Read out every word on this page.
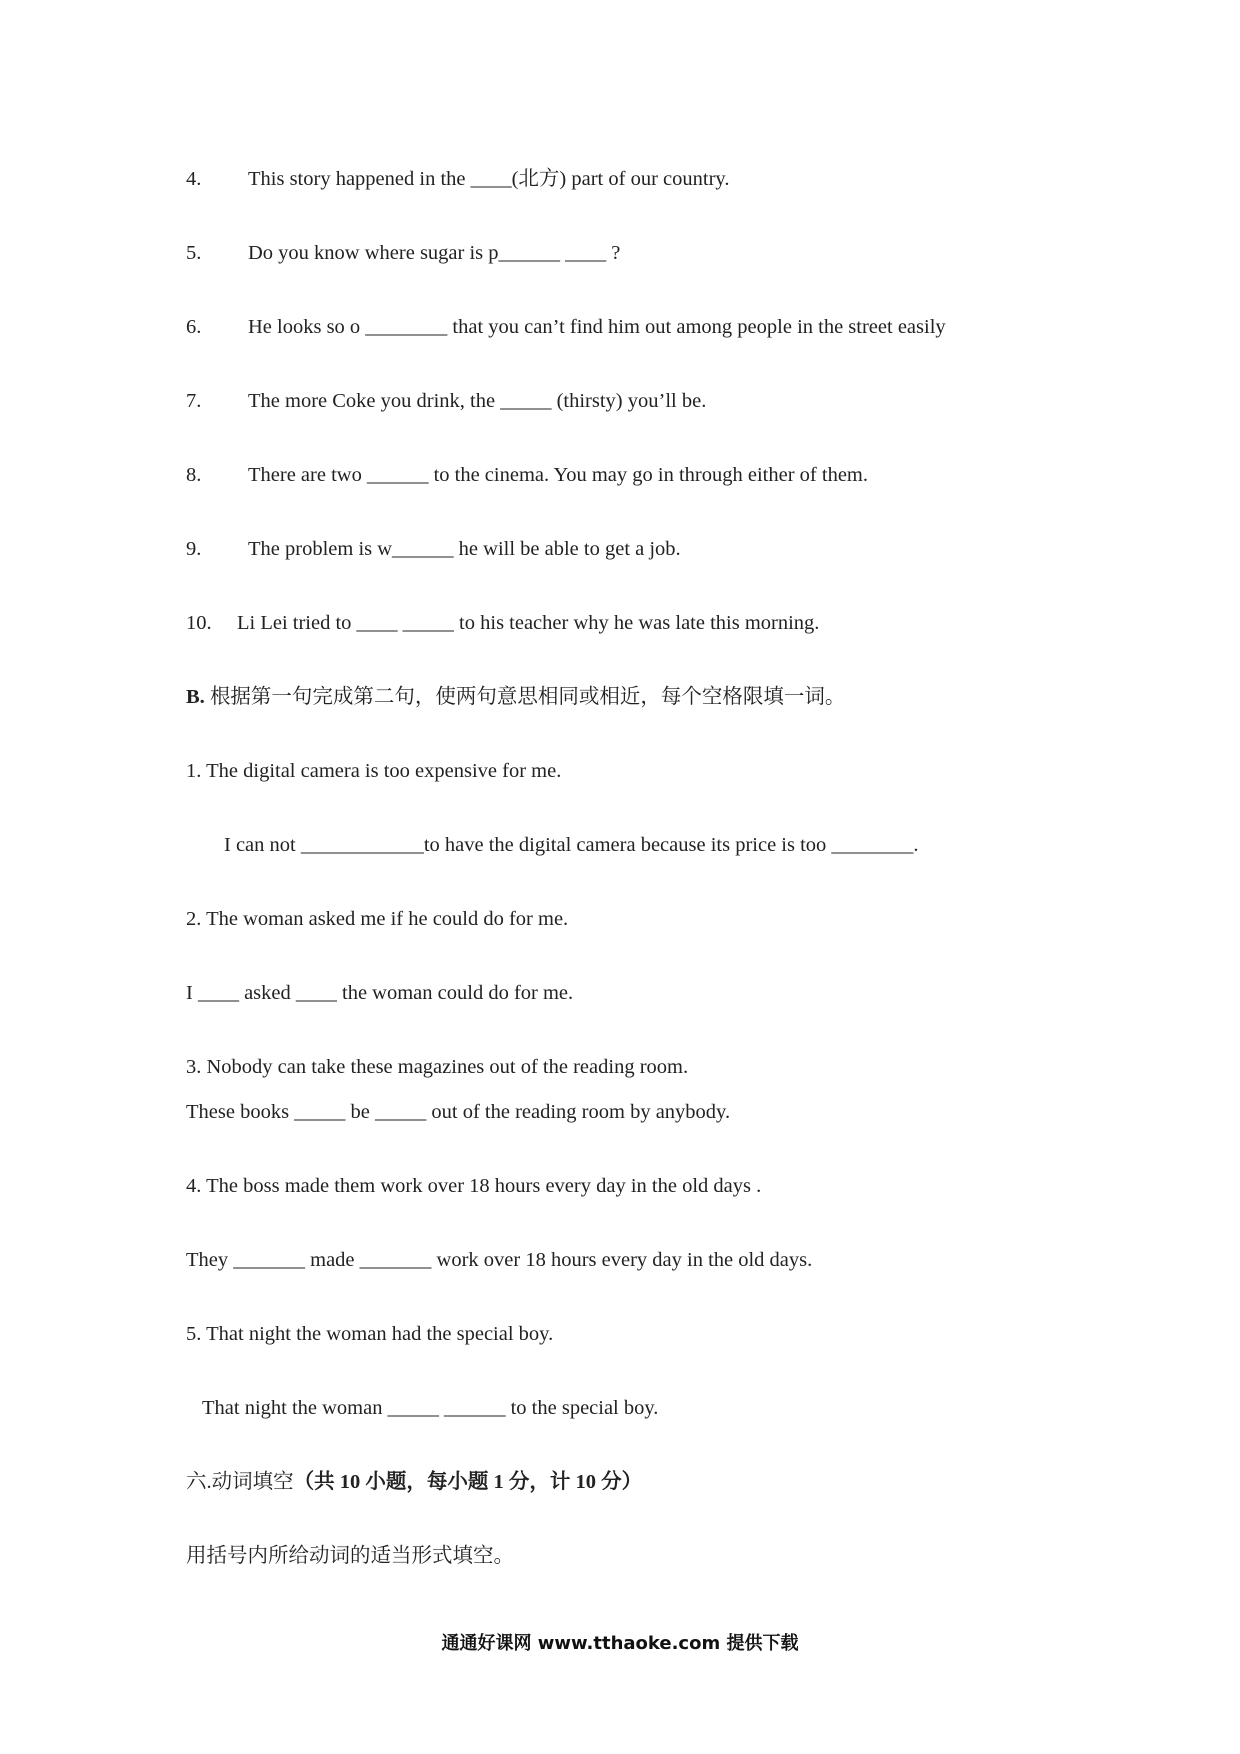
4. This story happened in the ____(北方) part of our country.
5. Do you know where sugar is p______ ____ ?
6. He looks so o ________ that you can’t find him out among people in the street easily
7. The more Coke you drink, the _____ (thirsty) you’ll be.
8. There are two ______ to the cinema. You may go in through either of them.
9. The problem is w______ he will be able to get a job.
10. Li Lei tried to ____ _____ to his teacher why he was late this morning.
B. 根据第一句完成第二句，使两句意思相同或相近，每个空格限填一词。
1. The digital camera is too expensive for me.
I can not ____________to have the digital camera because its price is too ________.
2. The woman asked me if he could do for me.
I ____ asked ____ the woman could do for me.
3. Nobody can take these magazines out of the reading room.
These books _____ be _____ out of the reading room by anybody.
4. The boss made them work over 18 hours every day in the old days .
They _______ made _______ work over 18 hours every day in the old days.
5. That night the woman had the special boy.
That night the woman _____ ______ to the special boy.
六.动词填空（共 10 小题，每小题 1 分，计 10 分）
用括号内所给动词的适当形式填空。
通通好课网 www.tthaoke.com 提供下载
